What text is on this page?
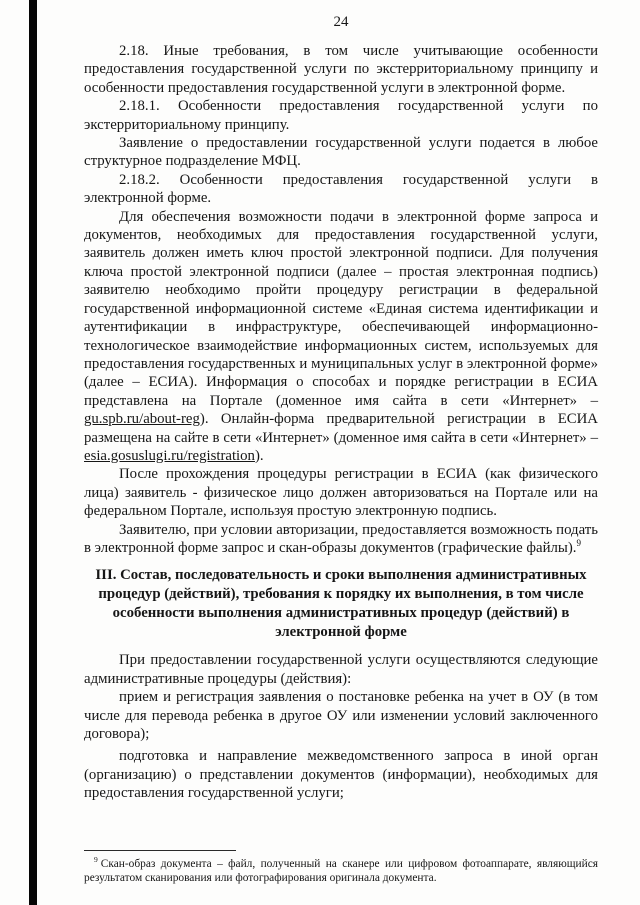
24

2.18. Иные требования, в том числе учитывающие особенности предоставления государственной услуги по экстерриториальному принципу и особенности предоставления государственной услуги в электронной форме.

2.18.1. Особенности предоставления государственной услуги по экстерриториальному принципу.

Заявление о предоставлении государственной услуги подается в любое структурное подразделение МФЦ.

2.18.2. Особенности предоставления государственной услуги в электронной форме.

Для обеспечения возможности подачи в электронной форме запроса и документов, необходимых для предоставления государственной услуги, заявитель должен иметь ключ простой электронной подписи. Для получения ключа простой электронной подписи (далее – простая электронная подпись) заявителю необходимо пройти процедуру регистрации в федеральной государственной информационной системе «Единая система идентификации и аутентификации в инфраструктуре, обеспечивающей информационно-технологическое взаимодействие информационных систем, используемых для предоставления государственных и муниципальных услуг в электронной форме» (далее – ЕСИА). Информация о способах и порядке регистрации в ЕСИА представлена на Портале (доменное имя сайта в сети «Интернет» – gu.spb.ru/about-reg). Онлайн-форма предварительной регистрации в ЕСИА размещена на сайте в сети «Интернет» (доменное имя сайта в сети «Интернет» – esia.gosuslugi.ru/registration).

После прохождения процедуры регистрации в ЕСИА (как физического лица) заявитель - физическое лицо должен авторизоваться на Портале или на федеральном Портале, используя простую электронную подпись.

Заявителю, при условии авторизации, предоставляется возможность подать в электронной форме запрос и скан-образы документов (графические файлы).$^9$

III. Состав, последовательность и сроки выполнения административных процедур (действий), требования к порядку их выполнения, в том числе особенности выполнения административных процедур (действий) в электронной форме

При предоставлении государственной услуги осуществляются следующие административные процедуры (действия):

прием и регистрация заявления о постановке ребенка на учет в ОУ (в том числе для перевода ребенка в другое ОУ или изменении условий заключенного договора);

подготовка и направление межведомственного запроса в иной орган (организацию) о представлении документов (информации), необходимых для предоставления государственной услуги;

$^9$ Скан-образ документа – файл, полученный на сканере или цифровом фотоаппарате, являющийся результатом сканирования или фотографирования оригинала документа.
